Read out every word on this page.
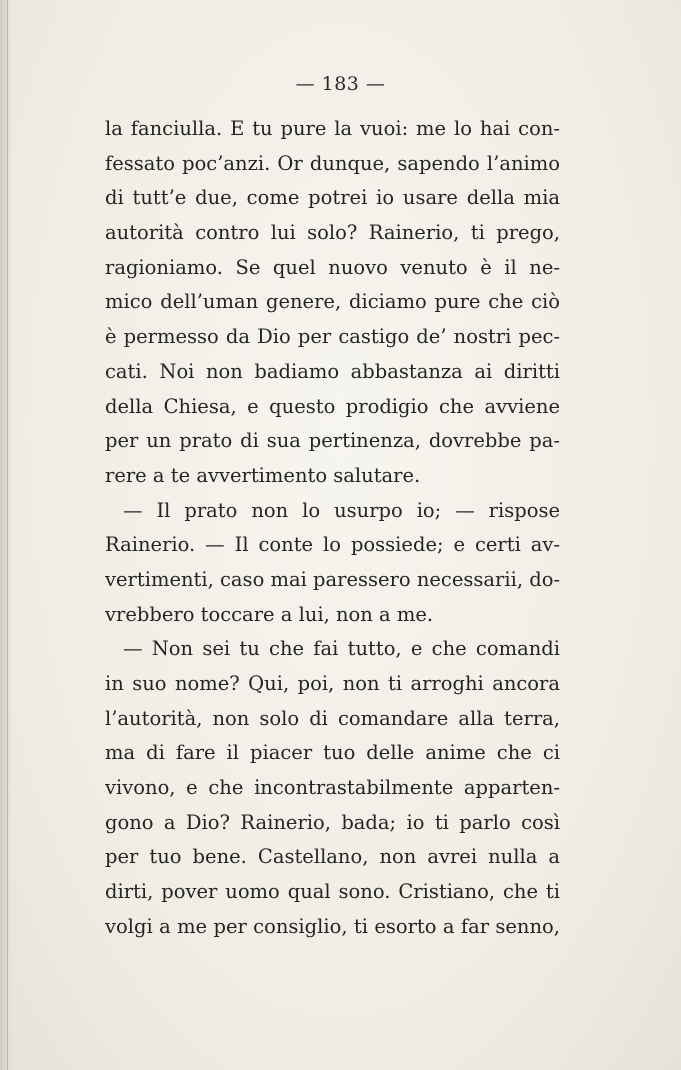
— 183 —
la fanciulla. E tu pure la vuoi: me lo hai con-
fessato poc’anzi. Or dunque, sapendo l’animo
di tutt’e due, come potrei io usare della mia
autorità contro lui solo? Rainerio, ti prego,
ragioniamo. Se quel nuovo venuto è il ne-
mico dell’uman genere, diciamo pure che ciò
è permesso da Dio per castigo de’ nostri pec-
cati. Noi non badiamo abbastanza ai diritti
della Chiesa, e questo prodigio che avviene
per un prato di sua pertinenza, dovrebbe pa-
rere a te avvertimento salutare.
— Il prato non lo usurpo io; — rispose
Rainerio. — Il conte lo possiede; e certi av-
vertimenti, caso mai paressero necessarii, do-
vrebbero toccare a lui, non a me.
— Non sei tu che fai tutto, e che comandi
in suo nome? Qui, poi, non ti arroghi ancora
l’autorità, non solo di comandare alla terra,
ma di fare il piacer tuo delle anime che ci
vivono, e che incontrastabilmente apparten-
gono a Dio? Rainerio, bada; io ti parlo così
per tuo bene. Castellano, non avrei nulla a
dirti, pover uomo qual sono. Cristiano, che ti
volgi a me per consiglio, ti esorto a far senno,
